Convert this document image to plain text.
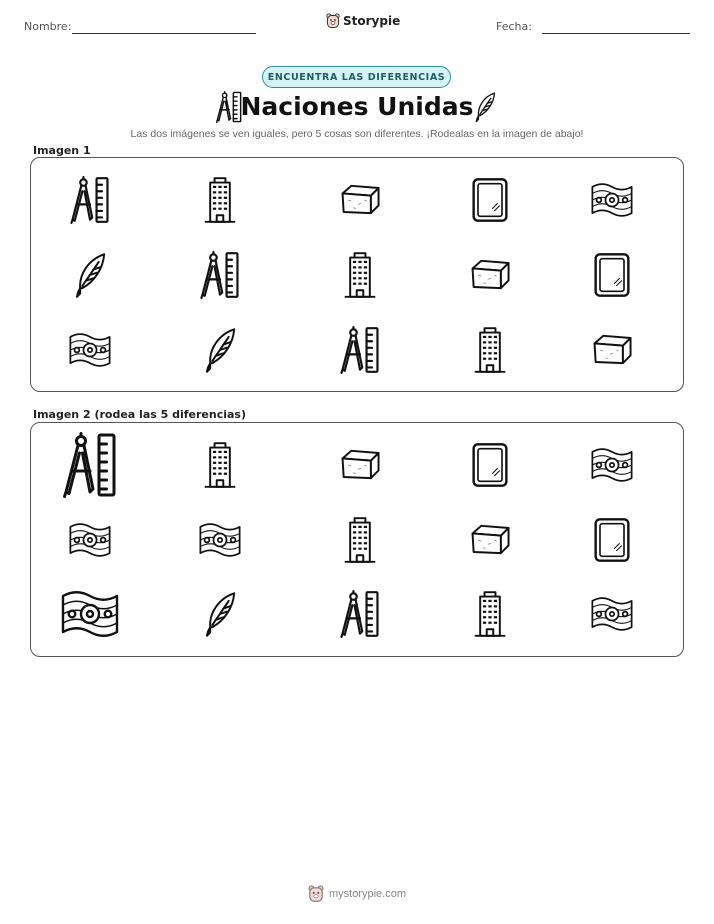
Nombre:	Storypie	Fecha:
ENCUENTRA LAS DIFERENCIAS
Naciones Unidas
Las dos imágenes se ven iguales, pero 5 cosas son diferentes. ¡Rodealas en la imagen de abajo!
Imagen 1
Imagen 2 (rodea las 5 diferencias)
mystorypie.com
